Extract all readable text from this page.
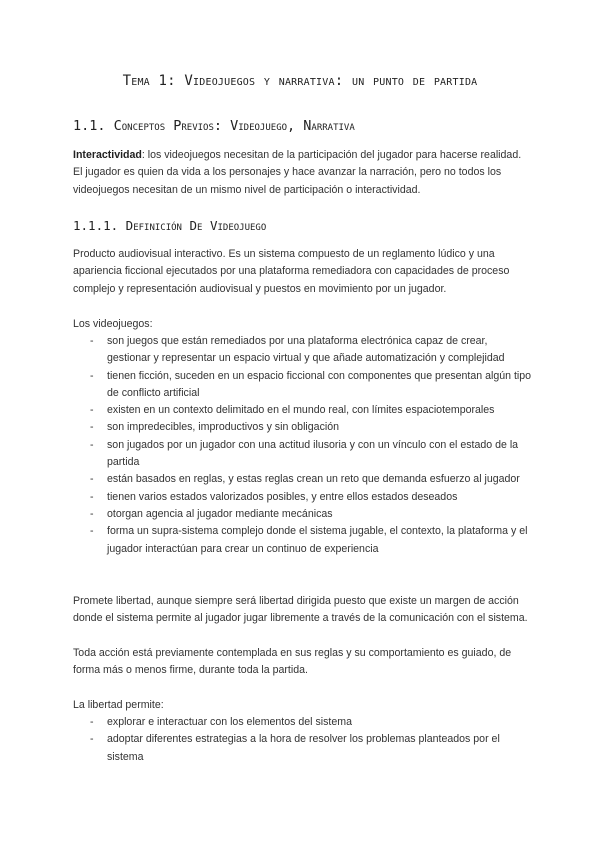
Tema 1: Videojuegos y narrativa: un punto de partida
1.1. Conceptos Previos: Videojuego, Narrativa
Interactividad: los videojuegos necesitan de la participación del jugador para hacerse realidad. El jugador es quien da vida a los personajes y hace avanzar la narración, pero no todos los videojuegos necesitan de un mismo nivel de participación o interactividad.
1.1.1. Definición De Videojuego
Producto audiovisual interactivo. Es un sistema compuesto de un reglamento lúdico y una apariencia ficcional ejecutados por una plataforma remediadora con capacidades de proceso complejo y representación audiovisual y puestos en movimiento por un jugador.
Los videojuegos:
- son juegos que están remediados por una plataforma electrónica capaz de crear, gestionar y representar un espacio virtual y que añade automatización y complejidad
- tienen ficción, suceden en un espacio ficcional con componentes que presentan algún tipo de conflicto artificial
- existen en un contexto delimitado en el mundo real, con límites espaciotemporales
- son impredecibles, improductivos y sin obligación
- son jugados por un jugador con una actitud ilusoria y con un vínculo con el estado de la partida
- están basados en reglas, y estas reglas crean un reto que demanda esfuerzo al jugador
- tienen varios estados valorizados posibles, y entre ellos estados deseados
- otorgan agencia al jugador mediante mecánicas
- forma un supra-sistema complejo donde el sistema jugable, el contexto, la plataforma y el jugador interactúan para crear un continuo de experiencia
Promete libertad, aunque siempre será libertad dirigida puesto que existe un margen de acción donde el sistema permite al jugador jugar libremente a través de la comunicación con el sistema.
Toda acción está previamente contemplada en sus reglas y su comportamiento es guiado, de forma más o menos firme, durante toda la partida.
La libertad permite:
- explorar e interactuar con los elementos del sistema
- adoptar diferentes estrategias a la hora de resolver los problemas planteados por el sistema
